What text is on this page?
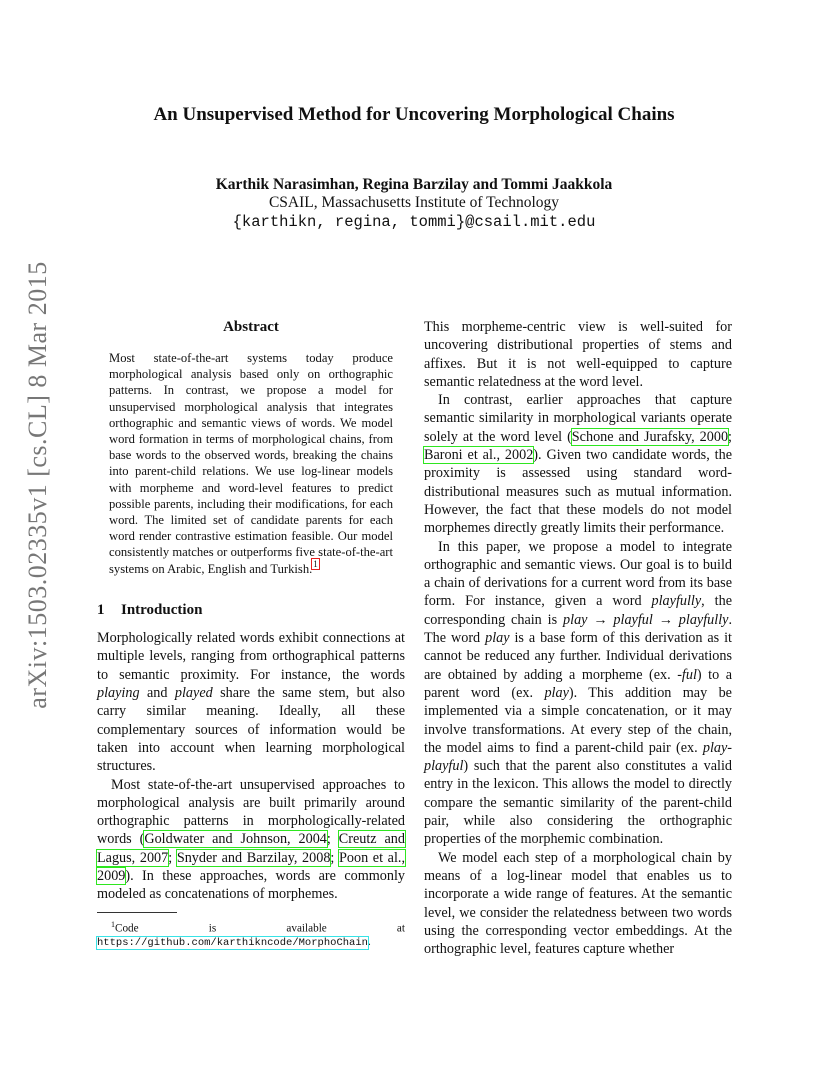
arXiv:1503.02335v1 [cs.CL] 8 Mar 2015
An Unsupervised Method for Uncovering Morphological Chains
Karthik Narasimhan, Regina Barzilay and Tommi Jaakkola
CSAIL, Massachusetts Institute of Technology
{karthikn, regina, tommi}@csail.mit.edu
Abstract
Most state-of-the-art systems today produce morphological analysis based only on orthographic patterns. In contrast, we propose a model for unsupervised morphological analysis that integrates orthographic and semantic views of words. We model word formation in terms of morphological chains, from base words to the observed words, breaking the chains into parent-child relations. We use log-linear models with morpheme and word-level features to predict possible parents, including their modifications, for each word. The limited set of candidate parents for each word render contrastive estimation feasible. Our model consistently matches or outperforms five state-of-the-art systems on Arabic, English and Turkish.$^1$
1 Introduction

Morphologically related words exhibit connections at multiple levels, ranging from orthographical patterns to semantic proximity. For instance, the words playing and played share the same stem, but also carry similar meaning. Ideally, all these complementary sources of information would be taken into account when learning morphological structures.

Most state-of-the-art unsupervised approaches to morphological analysis are built primarily around orthographic patterns in morphologically-related words (Goldwater and Johnson, 2004; Creutz and Lagus, 2007; Snyder and Barzilay, 2008; Poon et al., 2009). In these approaches, words are commonly modeled as concatenations of morphemes.

$^1$Code is available at https://github.com/karthikncode/MorphoChain.

This morpheme-centric view is well-suited for uncovering distributional properties of stems and affixes. But it is not well-equipped to capture semantic relatedness at the word level.

In contrast, earlier approaches that capture semantic similarity in morphological variants operate solely at the word level (Schone and Jurafsky, 2000; Baroni et al., 2002). Given two candidate words, the proximity is assessed using standard word-distributional measures such as mutual information. However, the fact that these models do not model morphemes directly greatly limits their performance.

In this paper, we propose a model to integrate orthographic and semantic views. Our goal is to build a chain of derivations for a current word from its base form. For instance, given a word playfully, the corresponding chain is play → playful → playfully. The word play is a base form of this derivation as it cannot be reduced any further. Individual derivations are obtained by adding a morpheme (ex. -ful) to a parent word (ex. play). This addition may be implemented via a simple concatenation, or it may involve transformations. At every step of the chain, the model aims to find a parent-child pair (ex. play-playful) such that the parent also constitutes a valid entry in the lexicon. This allows the model to directly compare the semantic similarity of the parent-child pair, while also considering the orthographic properties of the morphemic combination.

We model each step of a morphological chain by means of a log-linear model that enables us to incorporate a wide range of features. At the semantic level, we consider the relatedness between two words using the corresponding vector embeddings. At the orthographic level, features capture whether
